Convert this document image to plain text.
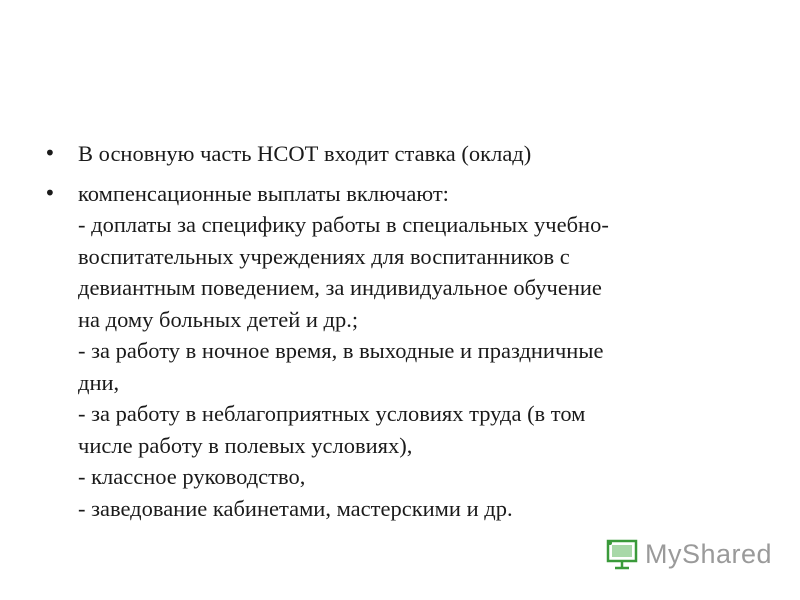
• В основную часть НСОТ входит ставка (оклад)
• компенсационные выплаты включают:
- доплаты за специфику работы в специальных учебно-
воспитательных учреждениях для воспитанников с
девиантным поведением, за индивидуальное обучение
на дому больных детей и др.;
- за работу в ночное время, в выходные и праздничные
дни,
- за работу в неблагоприятных условиях труда (в том
числе работу в полевых условиях),
- классное руководство,
- заведование кабинетами, мастерскими и др.
MyShared
